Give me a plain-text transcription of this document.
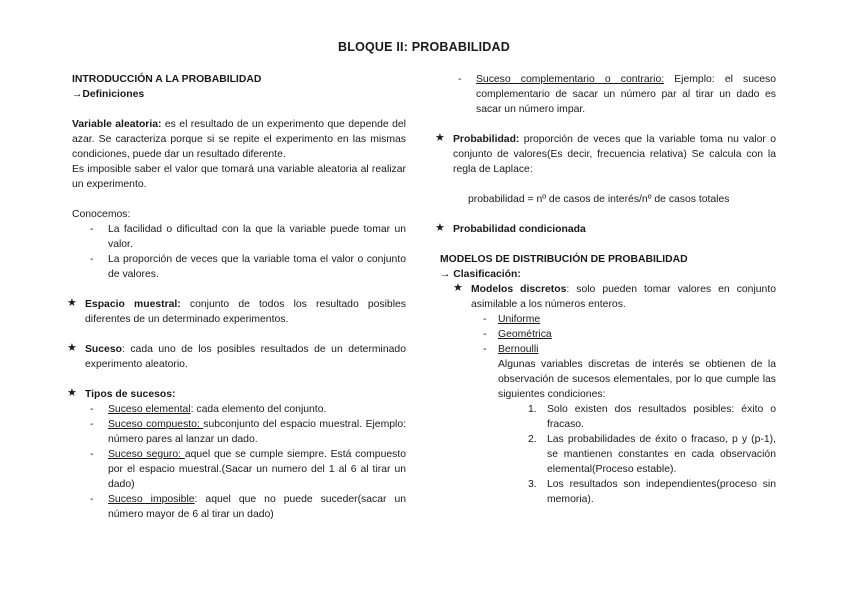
BLOQUE II: PROBABILIDAD
INTRODUCCIÓN A LA PROBABILIDAD
→Definiciones
Variable aleatoria: es el resultado de un experimento que depende del azar. Se caracteriza porque si se repite el experimento en las mismas condiciones, puede dar un resultado diferente.
Es imposible saber el valor que tomará una variable aleatoria al realizar un experimento.
Conocemos:
- La facilidad o dificultad con la que la variable puede tomar un valor.
- La proporción de veces que la variable toma el valor o conjunto de valores.
★ Espacio muestral: conjunto de todos los resultado posibles diferentes de un determinado experimentos.
★ Suceso: cada uno de los posibles resultados de un determinado experimento aleatorio.
★ Tipos de sucesos:
- Suceso elemental: cada elemento del conjunto.
- Suceso compuesto: subconjunto del espacio muestral. Ejemplo: número pares al lanzar un dado.
- Suceso seguro: aquel que se cumple siempre. Está compuesto por el espacio muestral.(Sacar un numero del 1 al 6 al tirar un dado)
- Suceso imposible: aquel que no puede suceder(sacar un número mayor de 6 al tirar un dado)
- Suceso complementario o contrario: Ejemplo: el suceso complementario de sacar un número par al tirar un dado es sacar un número impar.
★ Probabilidad: proporción de veces que la variable toma nu valor o conjunto de valores(Es decir, frecuencia relativa) Se calcula con la regla de Laplace:
probabilidad = nº de casos de interés/nº de casos totales
★ Probabilidad condicionada
MODELOS DE DISTRIBUCIÓN DE PROBABILIDAD
→ Clasificación:
★ Modelos discretos: solo pueden tomar valores en conjunto asimilable a los números enteros.
- Uniforme
- Geométrica
- Bernoulli
Algunas variables discretas de interés se obtienen de la observación de sucesos elementales, por lo que cumple las siguientes condiciones:
1. Solo existen dos resultados posibles: éxito o fracaso.
2. Las probabilidades de éxito o fracaso, p y (p-1), se mantienen constantes en cada observación elemental(Proceso estable).
3. Los resultados son independientes(proceso sin memoria).
